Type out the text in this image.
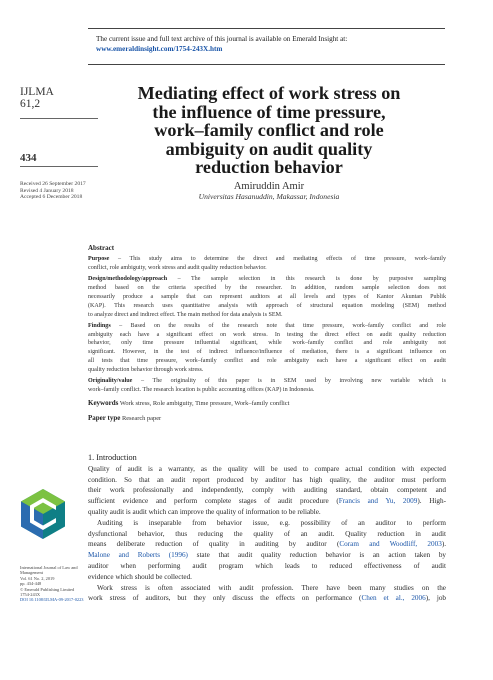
The current issue and full text archive of this journal is available on Emerald Insight at:
www.emeraldinsight.com/1754-243X.htm
IJLMA
61,2
434
Received 26 September 2017
Revised 4 January 2018
Accepted 6 December 2018
International Journal of Law and
Management
Vol. 61 No. 2, 2019
pp. 434-448
© Emerald Publishing Limited
1754-243X
DOI 10.1108/IJLMA-09-2017-0223
Mediating effect of work stress on
the influence of time pressure,
work–family conflict and role
ambiguity on audit quality
reduction behavior
Amiruddin Amir
Universitas Hasanuddin, Makassar, Indonesia
Abstract
Purpose – This study aims to determine the direct and mediating effects of time pressure, work–family
conflict, role ambiguity, work stress and audit quality reduction behavior.
Design/methodology/approach – The sample selection in this research is done by purposive sampling
method based on the criteria specified by the researcher. In addition, random sample selection does not
necessarily produce a sample that can represent auditors at all levels and types of Kantor Akuntan Publik
(KAP). This research uses quantitative analysis with approach of structural equation modeling (SEM) method
to analyze direct and indirect effect. The main method for data analysis is SEM.
Findings – Based on the results of the research note that time pressure, work–family conflict and role
ambiguity each have a significant effect on work stress. In testing the direct effect on audit quality reduction
behavior, only time pressure influential significant, while work–family conflict and role ambiguity not
significant. However, in the test of indirect influence/influence of mediation, there is a significant influence on
all tests that time pressure, work–family conflict and role ambiguity each have a significant effect on audit
quality reduction behavior through work stress.
Originality/value – The originality of this paper is in SEM used by involving new variable which is
work–family conflict. The research location is public accounting offices (KAP) in Indonesia.
Keywords Work stress, Role ambiguity, Time pressure, Work–family conflict
Paper type Research paper
1. Introduction
Quality of audit is a warranty, as the quality will be used to compare actual condition with expected
condition. So that an audit report produced by auditor has high quality, the auditor must perform
their work professionally and independently, comply with auditing standard, obtain competent and
sufficient evidence and perform complete stages of audit procedure (Francis and Yu, 2009). High-
quality audit is audit which can improve the quality of information to be reliable.
Auditing is inseparable from behavior issue, e.g. possibility of an auditor to perform
dysfunctional behavior, thus reducing the quality of an audit. Quality reduction in audit
means deliberate reduction of quality in auditing by auditor (Coram and Woodliff, 2003).
Malone and Roberts (1996) state that audit quality reduction behavior is an action taken by
auditor when performing audit program which leads to reduced effectiveness of audit
evidence which should be collected.
Work stress is often associated with audit profession. There have been many studies on the
work stress of auditors, but they only discuss the effects on performance (Chen et al., 2006), job
